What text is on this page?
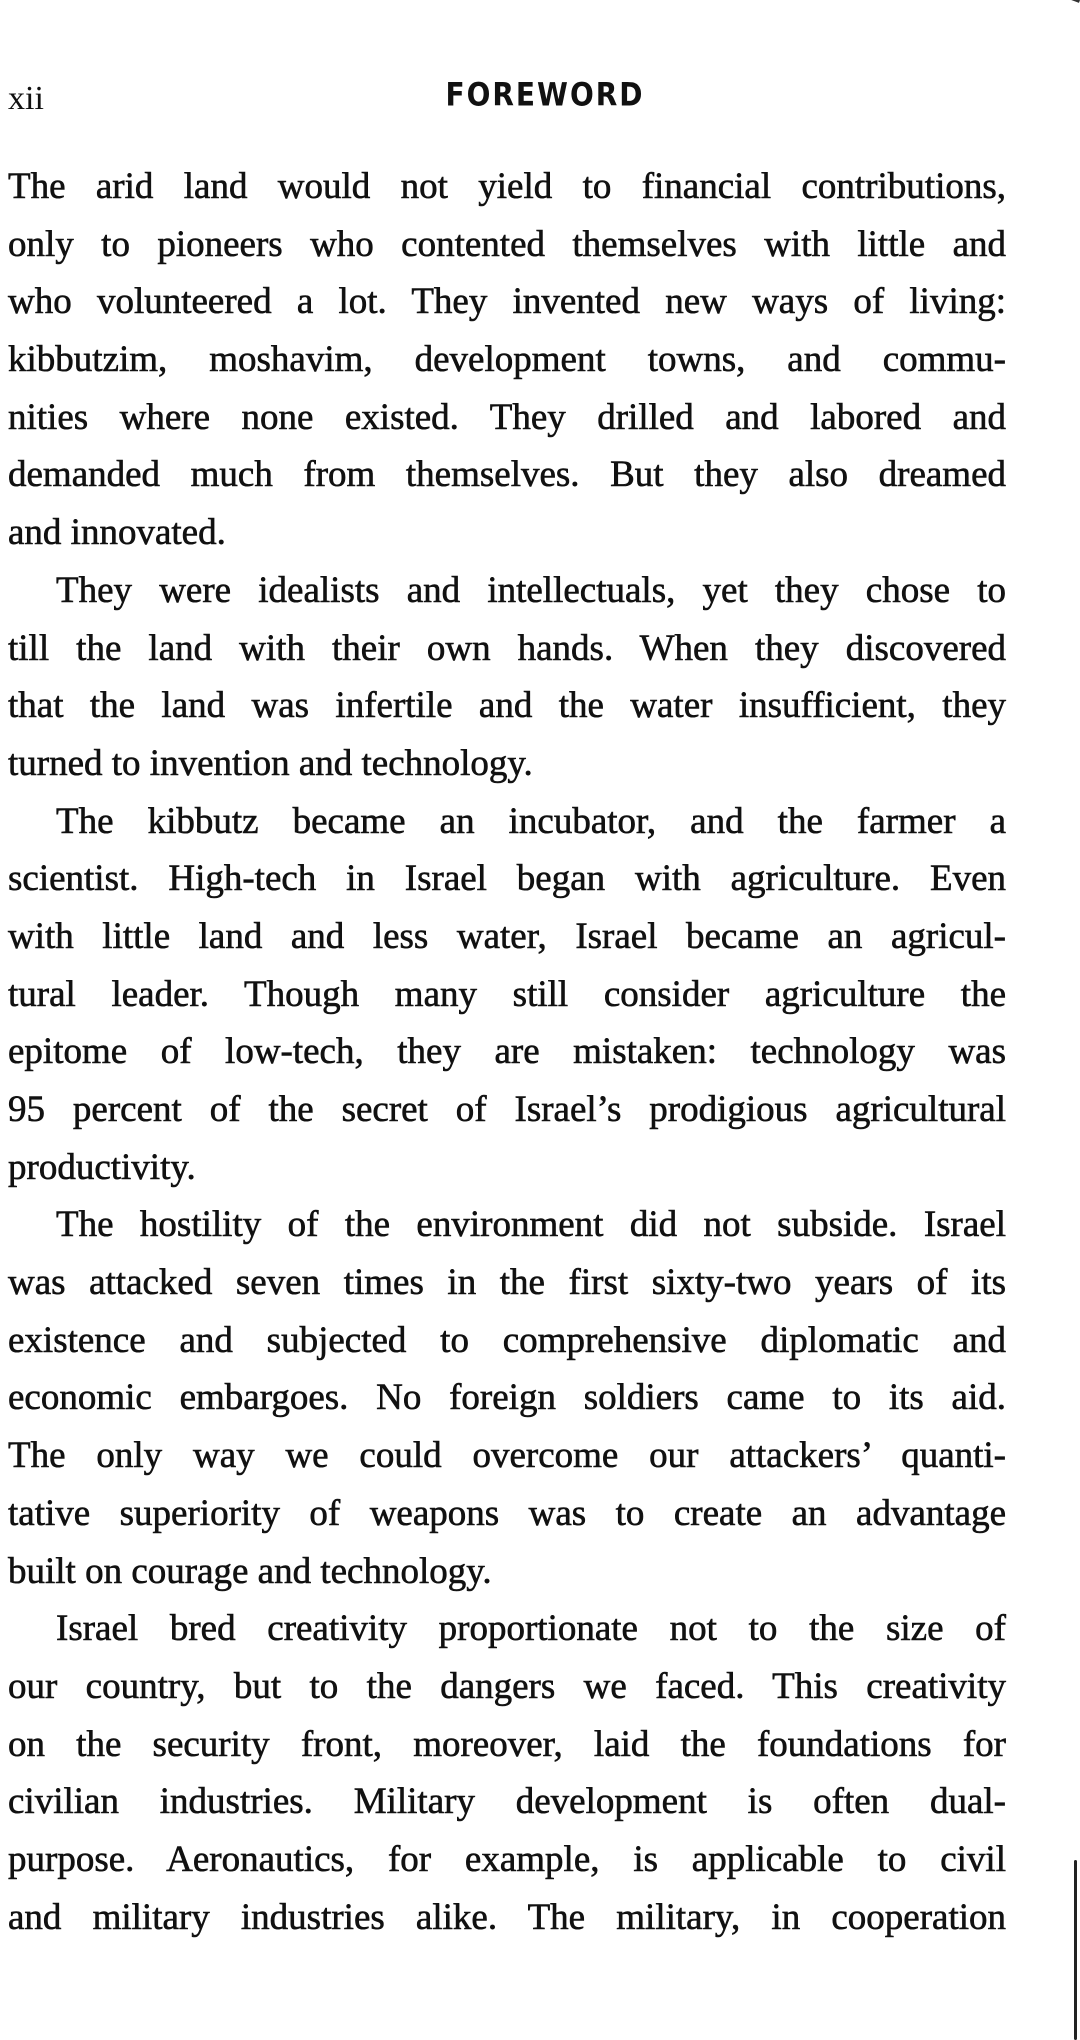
xii	FOREWORD
The arid land would not yield to financial contributions,
only to pioneers who contented themselves with little and
who volunteered a lot. They invented new ways of living:
kibbutzim, moshavim, development towns, and commu-
nities where none existed. They drilled and labored and
demanded much from themselves. But they also dreamed
and innovated.
They were idealists and intellectuals, yet they chose to
till the land with their own hands. When they discovered
that the land was infertile and the water insufficient, they
turned to invention and technology.
The kibbutz became an incubator, and the farmer a
scientist. High-tech in Israel began with agriculture. Even
with little land and less water, Israel became an agricul-
tural leader. Though many still consider agriculture the
epitome of low-tech, they are mistaken: technology was
95 percent of the secret of Israel’s prodigious agricultural
productivity.
The hostility of the environment did not subside. Israel
was attacked seven times in the first sixty-two years of its
existence and subjected to comprehensive diplomatic and
economic embargoes. No foreign soldiers came to its aid.
The only way we could overcome our attackers’ quanti-
tative superiority of weapons was to create an advantage
built on courage and technology.
Israel bred creativity proportionate not to the size of
our country, but to the dangers we faced. This creativity
on the security front, moreover, laid the foundations for
civilian industries. Military development is often dual-
purpose. Aeronautics, for example, is applicable to civil
and military industries alike. The military, in cooperation
